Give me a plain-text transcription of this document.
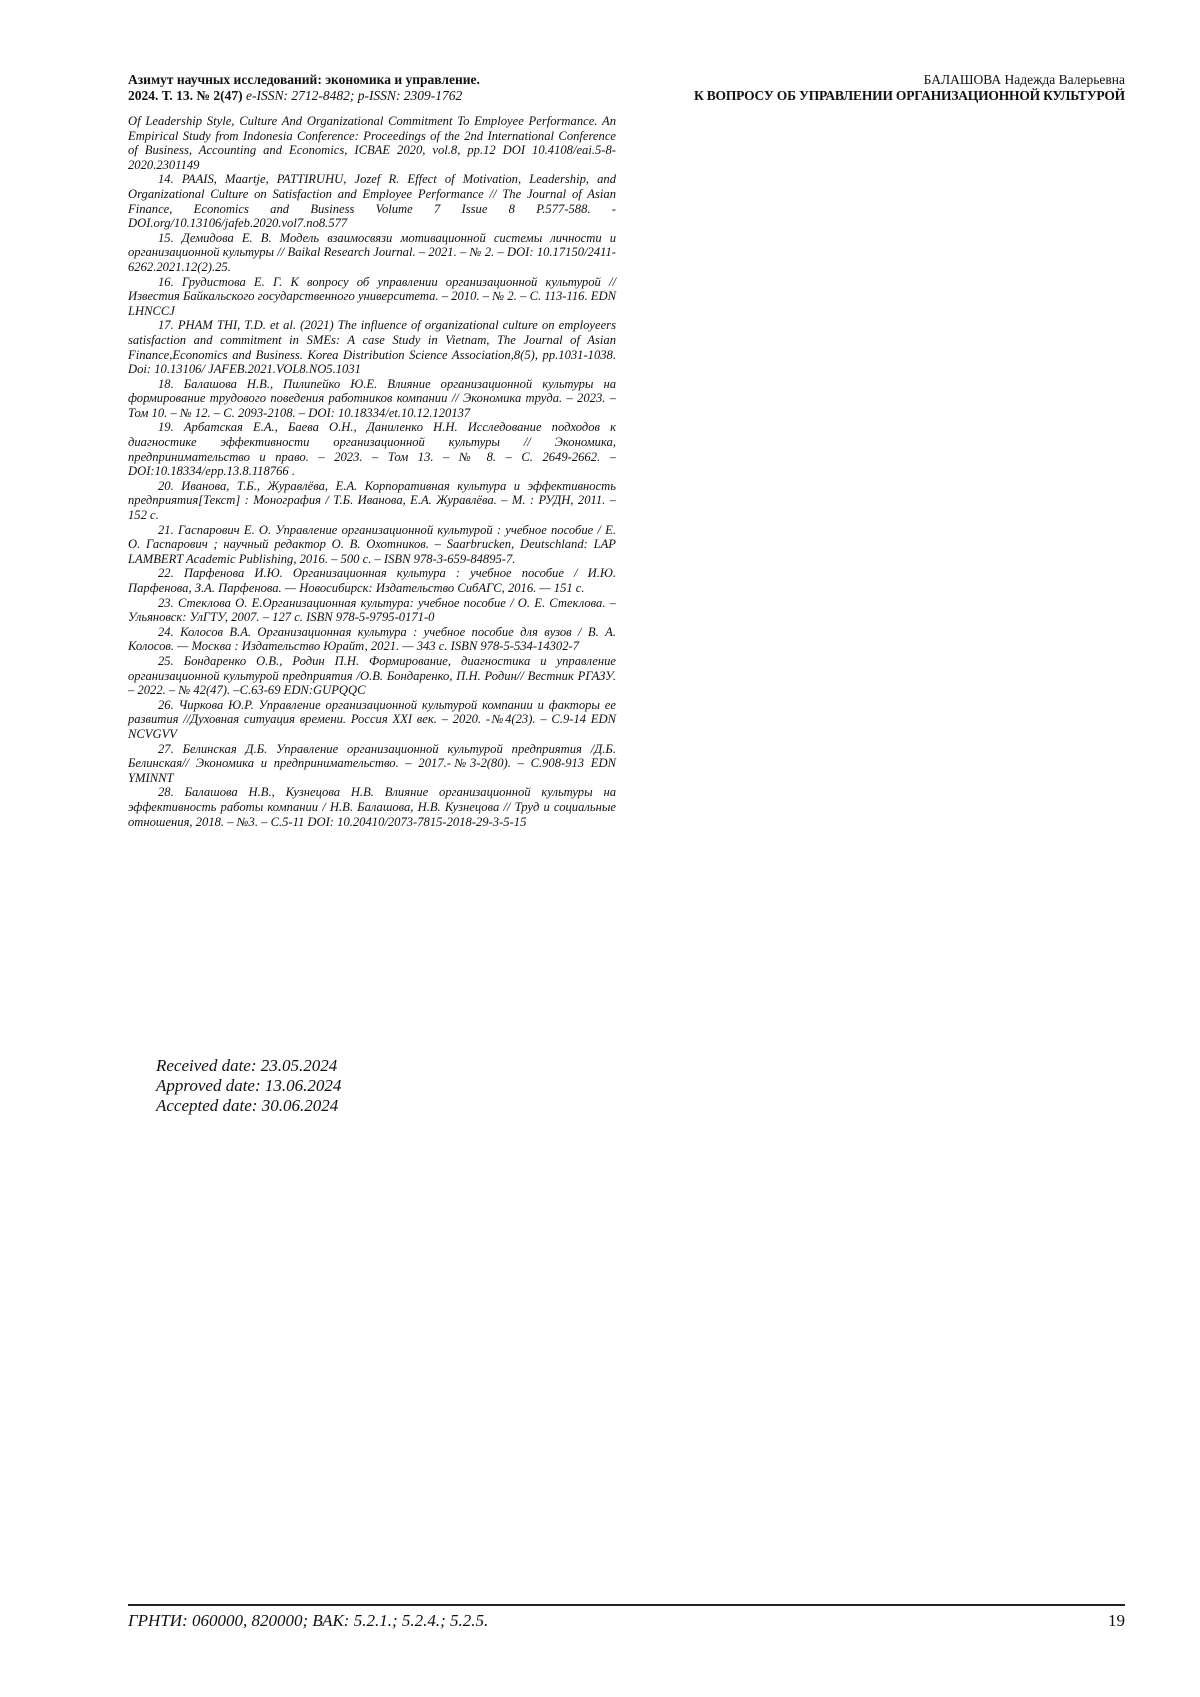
Азимут научных исследований: экономика и управление.
2024. Т. 13. № 2(47) e-ISSN: 2712-8482; p-ISSN: 2309-1762
БАЛАШОВА Надежда Валерьевна
К ВОПРОСУ ОБ УПРАВЛЕНИИ ОРГАНИЗАЦИОННОЙ КУЛЬТУРОЙ

Of Leadership Style, Culture And Organizational Commitment To Employee Performance. An Empirical Study from Indonesia Conference: Proceedings of the 2nd International Conference of Business, Accounting and Economics, ICBAE 2020, vol.8, pp.12 DOI 10.4108/eai.5-8-2020.2301149

14. PAAIS, Maartje, PATTIRUHU, Jozef R. Effect of Motivation, Leadership, and Organizational Culture on Satisfaction and Employee Performance // The Journal of Asian Finance, Economics and Business Volume 7 Issue 8 P.577-588. - DOI.org/10.13106/jafeb.2020.vol7.no8.577

15. Демидова Е. В. Модель взаимосвязи мотивационной системы личности и организационной культуры // Baikal Research Journal. – 2021. – № 2. – DOI: 10.17150/2411-6262.2021.12(2).25.

16. Грудистова Е. Г. К вопросу об управлении организационной культурой // Известия Байкальского государственного университета. – 2010. – № 2. – С. 113-116. EDN LHNCCJ

17. PHAM THI, T.D. et al. (2021) The influence of organizational culture on employeers satisfaction and commitment in SMEs: A case Study in Vietnam, The Journal of Asian Finance,Economics and Business. Korea Distribution Science Association,8(5), pp.1031-1038. Doi: 10.13106/ JAFEB.2021.VOL8.NO5.1031

18. Балашова Н.В., Пилипейко Ю.Е. Влияние организационной культуры на формирование трудового поведения работников компании // Экономика труда. – 2023. – Том 10. – № 12. – С. 2093-2108. – DOI: 10.18334/et.10.12.120137

19. Арбатская Е.А., Баева О.Н., Даниленко Н.Н. Исследование подходов к диагностике эффективности организационной культуры // Экономика, предпринимательство и право. – 2023. – Том 13. – № 8. – С. 2649-2662. – DOI:10.18334/epp.13.8.118766 .

20. Иванова, Т.Б., Журавлёва, Е.А. Корпоративная культура и эффективность предприятия[Текст] : Монография / Т.Б. Иванова, Е.А. Журавлёва. – М. : РУДН, 2011. – 152 с.

21. Гаспарович Е. О. Управление организационной культурой : учебное пособие / Е. О. Гаспарович ; научный редактор О. В. Охотников. – Saarbrucken, Deutschland: LAP LAMBERT Academic Publishing, 2016. – 500 с. – ISBN 978-3-659-84895-7.

22. Парфенова И.Ю. Организационная культура : учебное пособие / И.Ю. Парфенова, З.А. Парфенова. — Новосибирск: Издательство СибАГС, 2016. — 151 с.

23. Стеклова О. Е.Организационная культура: учебное пособие / О. Е. Стеклова. – Ульяновск: УлГТУ, 2007. – 127 с. ISBN 978-5-9795-0171-0

24. Колосов В.А. Организационная культура : учебное пособие для вузов / В. А. Колосов. — Москва : Издательство Юрайт, 2021. — 343 с. ISBN 978-5-534-14302-7

25. Бондаренко О.В., Родин П.Н. Формирование, диагностика и управление организационной культурой предприятия /О.В. Бондаренко, П.Н. Родин// Вестник РГАЗУ. – 2022. – № 42(47). –С.63-69 EDN:GUPQQC

26. Чиркова Ю.Р. Управление организационной культурой компании и факторы ее развития //Духовная ситуация времени. Россия XXI век. – 2020. -№4(23). – С.9-14 EDN NCVGVV

27. Белинская Д.Б. Управление организационной культурой предприятия /Д.Б. Белинская// Экономика и предпринимательство. – 2017.-№3-2(80). – С.908-913 EDN YMINNT

28. Балашова Н.В., Кузнецова Н.В. Влияние организационной культуры на эффективность работы компании / Н.В. Балашова, Н.В. Кузнецова // Труд и социальные отношения, 2018. – №3. – С.5-11 DOI: 10.20410/2073-7815-2018-29-3-5-15

Received date: 23.05.2024
Approved date: 13.06.2024
Accepted date: 30.06.2024
ГРНТИ: 060000, 820000; ВАК: 5.2.1.; 5.2.4.; 5.2.5.	19
